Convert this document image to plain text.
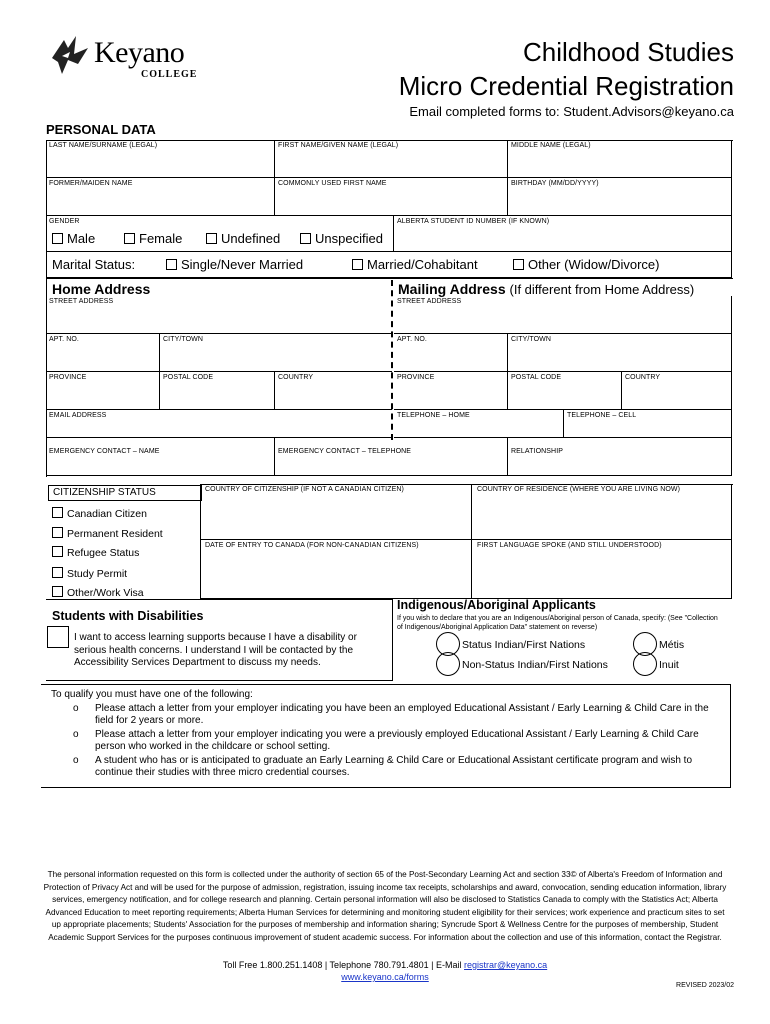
Keyano
COLLEGE
Childhood Studies
Micro Credential Registration
Email completed forms to: Student.Advisors@keyano.ca
PERSONAL DATA
LAST NAME/SURNAME (LEGAL)	FIRST NAME/GIVEN NAME (LEGAL)	MIDDLE NAME (LEGAL)
FORMER/MAIDEN NAME	COMMONLY USED FIRST NAME	BIRTHDAY (MM/DD/YYYY)
GENDER	ALBERTA STUDENT ID NUMBER (IF KNOWN)
Male	Female	Undefined	Unspecified
Marital Status:	Single/Never Married	Married/Cohabitant	Other (Widow/Divorce)
Home Address	Mailing Address (If different from Home Address)
STREET ADDRESS	STREET ADDRESS
APT. NO.	CITY/TOWN	APT. NO.	CITY/TOWN
PROVINCE	POSTAL CODE	COUNTRY	PROVINCE	POSTAL CODE	COUNTRY
EMAIL ADDRESS	TELEPHONE – HOME	TELEPHONE – CELL
EMERGENCY CONTACT – NAME	EMERGENCY CONTACT – TELEPHONE	RELATIONSHIP
CITIZENSHIP STATUS
Canadian Citizen
Permanent Resident
Refugee Status
Study Permit
Other/Work Visa
COUNTRY OF CITIZENSHIP (IF NOT A CANADIAN CITIZEN)	COUNTRY OF RESIDENCE (WHERE YOU ARE LIVING NOW)
DATE OF ENTRY TO CANADA (FOR NON-CANADIAN CITIZENS)	FIRST LANGUAGE SPOKE (AND STILL UNDERSTOOD)
Students with Disabilities
I want to access learning supports because I have a disability or serious health concerns. I understand I will be contacted by the Accessibility Services Department to discuss my needs.
Indigenous/Aboriginal Applicants
If you wish to declare that you are an Indigenous/Aboriginal person of Canada, specify: (See "Collection of Indigenous/Aboriginal Application Data" statement on reverse)
Status Indian/First Nations
Non-Status Indian/First Nations
Métis
Inuit
To qualify you must have one of the following:
o Please attach a letter from your employer indicating you have been an employed Educational Assistant / Early Learning & Child Care in the field for 2 years or more.
o Please attach a letter from your employer indicating you were a previously employed Educational Assistant / Early Learning & Child Care person who worked in the childcare or school setting.
o A student who has or is anticipated to graduate an Early Learning & Child Care or Educational Assistant certificate program and wish to continue their studies with three micro credential courses.
The personal information requested on this form is collected under the authority of section 65 of the Post-Secondary Learning Act and section 33© of Alberta's Freedom of Information and Protection of Privacy Act and will be used for the purpose of admission, registration, issuing income tax receipts, scholarships and award, convocation, sending education information, library services, emergency notification, and for college research and planning. Certain personal information will also be disclosed to Statistics Canada to comply with the Statistics Act; Alberta Advanced Education to meet reporting requirements; Alberta Human Services for determining and monitoring student eligibility for their services; work experience and practicum sites to set up appropriate placements; Students' Association for the purposes of membership and information sharing; Syncrude Sport & Wellness Centre for the purposes of membership, Student Academic Support Services for the purposes continuous improvement of student academic success. For information about the collection and use of this information, contact the Registrar.
Toll Free 1.800.251.1408 | Telephone 780.791.4801 | E-Mail registrar@keyano.ca
www.keyano.ca/forms
REVISED 2023/02
